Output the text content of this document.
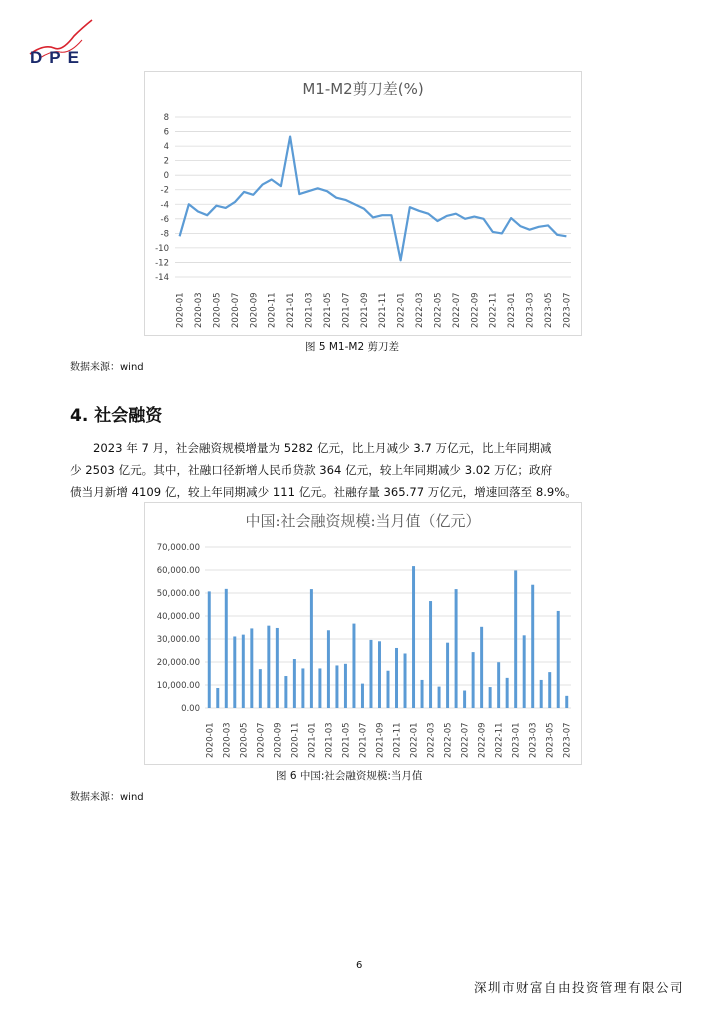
DPE
M1-M2剪刀差(%)
8
6
4
2
0
-2
-4
-6
-8
-10
-12
-14
2020-01 2020-03 2020-05 2020-07 2020-09 2020-11 2021-01 2021-03 2021-05 2021-07 2021-09 2021-11 2022-01 2022-03 2022-05 2022-07 2022-09 2022-11 2023-01 2023-03 2023-05 2023-07
图 5 M1-M2 剪刀差
数据来源：wind
4. 社会融资
2023 年 7 月，社会融资规模增量为 5282 亿元，比上月减少 3.7 万亿元，比上年同期减
少 2503 亿元。其中，社融口径新增人民币贷款 364 亿元，较上年同期减少 3.02 万亿；政府
债当月新增 4109 亿，较上年同期减少 111 亿元。社融存量 365.77 万亿元，增速回落至 8.9%。
中国:社会融资规模:当月值（亿元）
70,000.00
60,000.00
50,000.00
40,000.00
30,000.00
20,000.00
10,000.00
0.00
2020-01 2020-03 2020-05 2020-07 2020-09 2020-11 2021-01 2021-03 2021-05 2021-07 2021-09 2021-11 2022-01 2022-03 2022-05 2022-07 2022-09 2022-11 2023-01 2023-03 2023-05 2023-07
图 6 中国:社会融资规模:当月值
数据来源：wind
6
深圳市财富自由投资管理有限公司
